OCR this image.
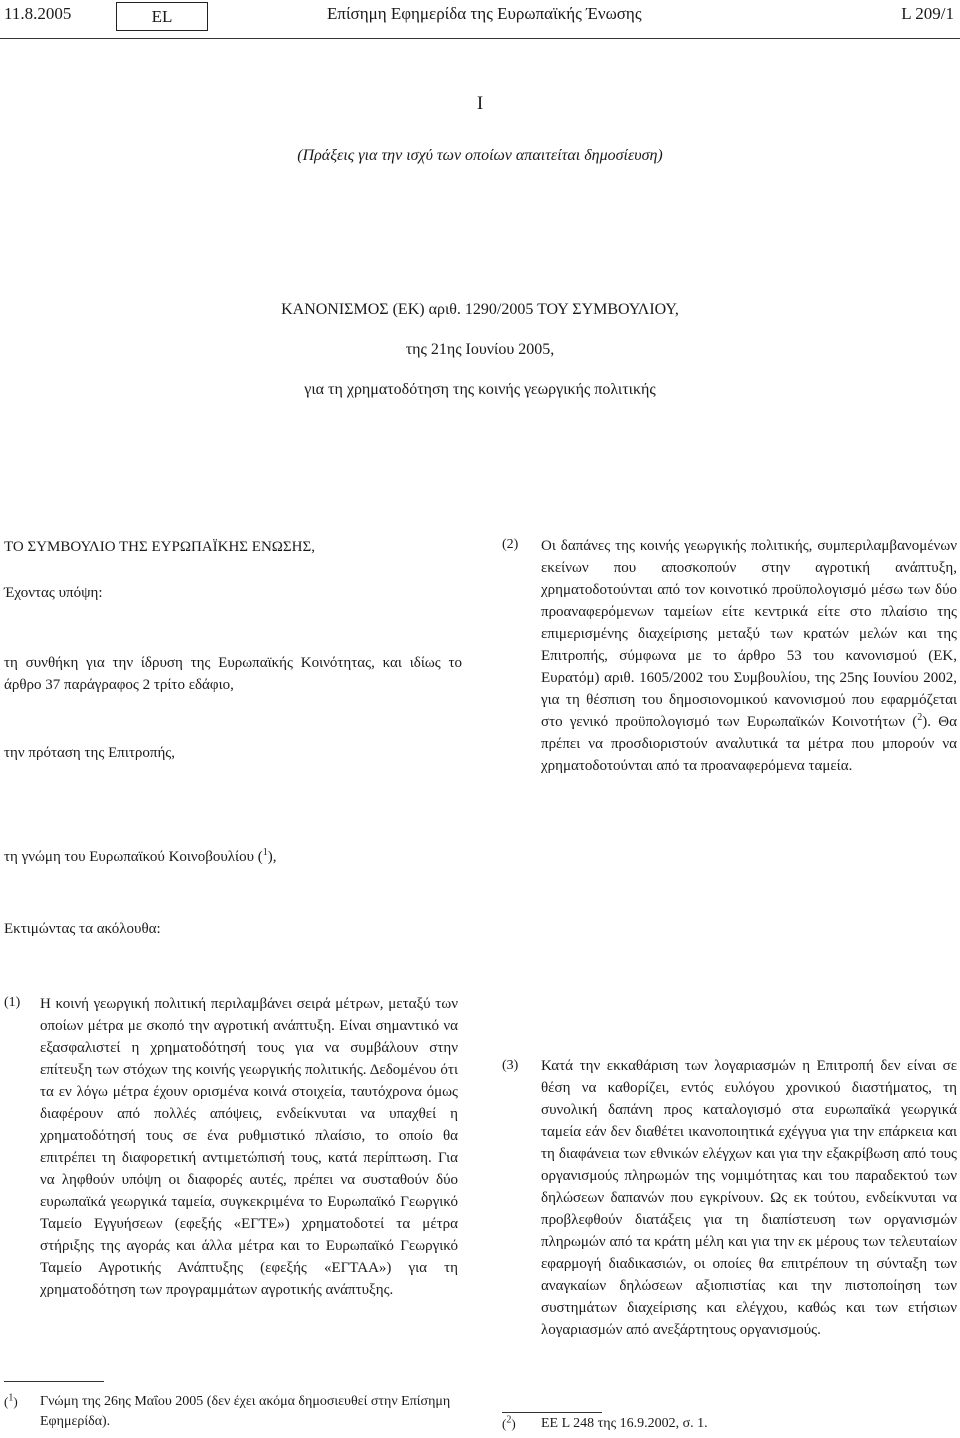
11.8.2005	EL	Επίσημη Εφημερίδα της Ευρωπαϊκής Ένωσης	L 209/1
I
(Πράξεις για την ισχύ των οποίων απαιτείται δημοσίευση)
ΚΑΝΟΝΙΣΜΟΣ (ΕΚ) αριθ. 1290/2005 ΤΟΥ ΣΥΜΒΟΥΛΙΟΥ,
της 21ης Ιουνίου 2005,
για τη χρηματοδότηση της κοινής γεωργικής πολιτικής
ΤΟ ΣΥΜΒΟΥΛΙΟ ΤΗΣ ΕΥΡΩΠΑΪΚΗΣ ΕΝΩΣΗΣ,
Έχοντας υπόψη:
τη συνθήκη για την ίδρυση της Ευρωπαϊκής Κοινότητας, και ιδίως το άρθρο 37 παράγραφος 2 τρίτο εδάφιο,
την πρόταση της Επιτροπής,
τη γνώμη του Ευρωπαϊκού Κοινοβουλίου ($^1$),
Εκτιμώντας τα ακόλουθα:
(1) Η κοινή γεωργική πολιτική περιλαμβάνει σειρά μέτρων, μεταξύ των οποίων μέτρα με σκοπό την αγροτική ανάπτυξη. Είναι σημαντικό να εξασφαλιστεί η χρηματοδότησή τους για να συμβάλουν στην επίτευξη των στόχων της κοινής γεωργικής πολιτικής. Δεδομένου ότι τα εν λόγω μέτρα έχουν ορισμένα κοινά στοιχεία, ταυτόχρονα όμως διαφέρουν από πολλές απόψεις, ενδείκνυται να υπαχθεί η χρηματοδότησή τους σε ένα ρυθμιστικό πλαίσιο, το οποίο θα επιτρέπει τη διαφορετική αντιμετώπισή τους, κατά περίπτωση. Για να ληφθούν υπόψη οι διαφορές αυτές, πρέπει να συσταθούν δύο ευρωπαϊκά γεωργικά ταμεία, συγκεκριμένα το Ευρωπαϊκό Γεωργικό Ταμείο Εγγυήσεων (εφεξής «ΕΓΤΕ») χρηματοδοτεί τα μέτρα στήριξης της αγοράς και άλλα μέτρα και το Ευρωπαϊκό Γεωργικό Ταμείο Αγροτικής Ανάπτυξης (εφεξής «ΕΓΤΑΑ») για τη χρηματοδότηση των προγραμμάτων αγροτικής ανάπτυξης.
(2) Οι δαπάνες της κοινής γεωργικής πολιτικής, συμπεριλαμβανομένων εκείνων που αποσκοπούν στην αγροτική ανάπτυξη, χρηματοδοτούνται από τον κοινοτικό προϋπολογισμό μέσω των δύο προαναφερόμενων ταμείων είτε κεντρικά είτε στο πλαίσιο της επιμερισμένης διαχείρισης μεταξύ των κρατών μελών και της Επιτροπής, σύμφωνα με το άρθρο 53 του κανονισμού (ΕΚ, Ευρατόμ) αριθ. 1605/2002 του Συμβουλίου, της 25ης Ιουνίου 2002, για τη θέσπιση του δημοσιονομικού κανονισμού που εφαρμόζεται στο γενικό προϋπολογισμό των Ευρωπαϊκών Κοινοτήτων ($^2$). Θα πρέπει να προσδιοριστούν αναλυτικά τα μέτρα που μπορούν να χρηματοδοτούνται από τα προαναφερόμενα ταμεία.
(3) Κατά την εκκαθάριση των λογαριασμών η Επιτροπή δεν είναι σε θέση να καθορίζει, εντός ευλόγου χρονικού διαστήματος, τη συνολική δαπάνη προς καταλογισμό στα ευρωπαϊκά γεωργικά ταμεία εάν δεν διαθέτει ικανοποιητικά εχέγγυα για την επάρκεια και τη διαφάνεια των εθνικών ελέγχων και για την εξακρίβωση από τους οργανισμούς πληρωμών της νομιμότητας και του παραδεκτού των δηλώσεων δαπανών που εγκρίνουν. Ως εκ τούτου, ενδείκνυται να προβλεφθούν διατάξεις για τη διαπίστευση των οργανισμών πληρωμών από τα κράτη μέλη και για την εκ μέρους των τελευταίων εφαρμογή διαδικασιών, οι οποίες θα επιτρέπουν τη σύνταξη των αναγκαίων δηλώσεων αξιοπιστίας και την πιστοποίηση των συστημάτων διαχείρισης και ελέγχου, καθώς και των ετήσιων λογαριασμών από ανεξάρτητους οργανισμούς.
($^1$) Γνώμη της 26ης Μαΐου 2005 (δεν έχει ακόμα δημοσιευθεί στην Επίσημη Εφημερίδα).	($^2$) ΕΕ L 248 της 16.9.2002, σ. 1.
